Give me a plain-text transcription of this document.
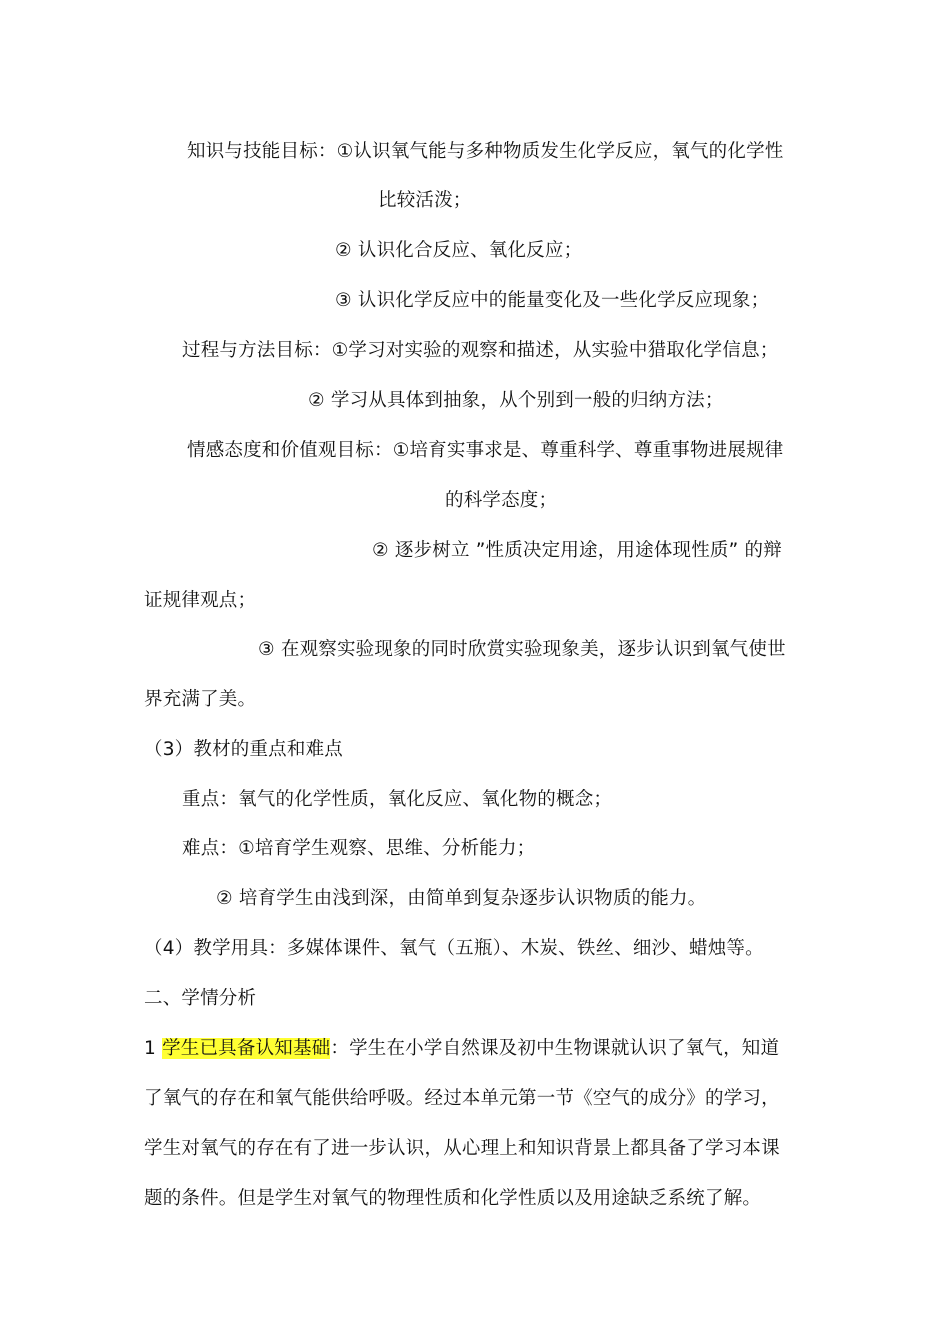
知识与技能目标：①认识氧气能与多种物质发生化学反应，氧气的化学性
比较活泼；
② 认识化合反应、氧化反应；
③ 认识化学反应中的能量变化及一些化学反应现象；
过程与方法目标：①学习对实验的观察和描述，从实验中猎取化学信息；
② 学习从具体到抽象，从个别到一般的归纳方法；
情感态度和价值观目标：①培育实事求是、尊重科学、尊重事物进展规律
的科学态度；
② 逐步树立 ”性质决定用途，用途体现性质” 的辩
证规律观点；
③ 在观察实验现象的同时欣赏实验现象美，逐步认识到氧气使世
界充满了美。
（3）教材的重点和难点
重点：氧气的化学性质，氧化反应、氧化物的概念；
难点：①培育学生观察、思维、分析能力；
② 培育学生由浅到深，由简单到复杂逐步认识物质的能力。
（4）教学用具：多媒体课件、氧气（五瓶）、木炭、铁丝、细沙、蜡烛等。
二、学情分析
1 学生已具备认知基础：学生在小学自然课及初中生物课就认识了氧气，知道
了氧气的存在和氧气能供给呼吸。经过本单元第一节《空气的成分》的学习，
学生对氧气的存在有了进一步认识，从心理上和知识背景上都具备了学习本课
题的条件。但是学生对氧气的物理性质和化学性质以及用途缺乏系统了解。
